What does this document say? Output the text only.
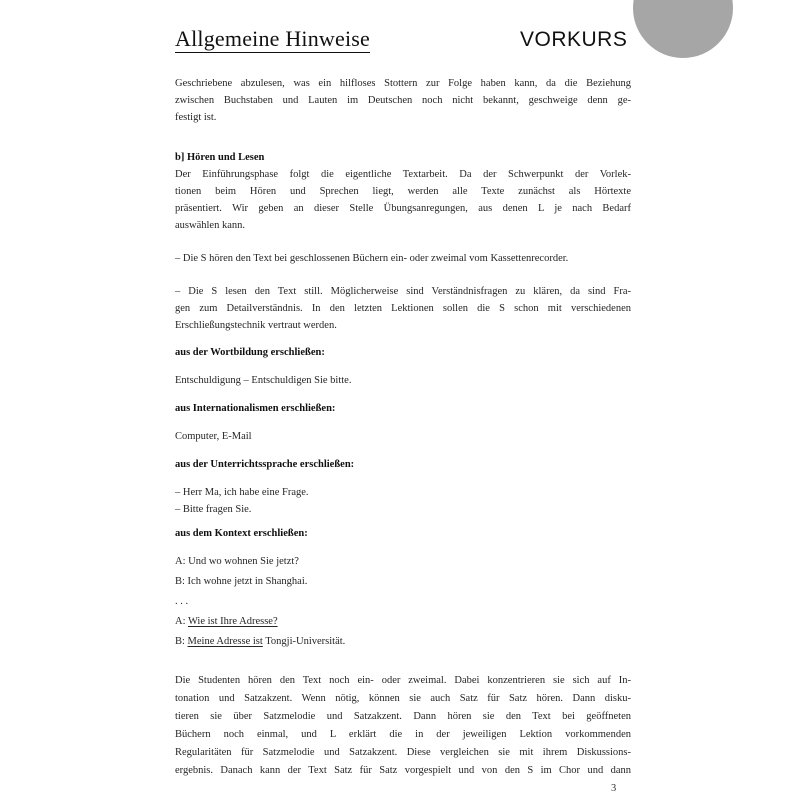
Allgemeine Hinweise	VORKURS

Geschriebene abzulesen, was ein hilfloses Stottern zur Folge haben kann, da die Beziehung
zwischen Buchstaben und Lauten im Deutschen noch nicht bekannt, geschweige denn ge-
festigt ist.

b] Hören und Lesen

Der Einführungsphase folgt die eigentliche Textarbeit. Da der Schwerpunkt der Vorlek-
tionen beim Hören und Sprechen liegt, werden alle Texte zunächst als Hörtexte
präsentiert. Wir geben an dieser Stelle Übungsanregungen, aus denen L je nach Bedarf
auswählen kann.

– Die S hören den Text bei geschlossenen Büchern ein- oder zweimal vom Kassettenrecorder.

– Die S lesen den Text still. Möglicherweise sind Verständnisfragen zu klären, da sind Fra-
gen zum Detailverständnis. In den letzten Lektionen sollen die S schon mit verschiedenen
Erschließungstechnik vertraut werden.

aus der Wortbildung erschließen:

Entschuldigung – Entschuldigen Sie bitte.

aus Internationalismen erschließen:

Computer, E-Mail

aus der Unterrichtssprache erschließen:

– Herr Ma, ich habe eine Frage.
– Bitte fragen Sie.

aus dem Kontext erschließen:

A: Und wo wohnen Sie jetzt?
B: Ich wohne jetzt in Shanghai.
. . .
A: Wie ist Ihre Adresse?
B: Meine Adresse ist Tongji-Universität.

Die Studenten hören den Text noch ein- oder zweimal. Dabei konzentrieren sie sich auf In-
tonation und Satzakzent. Wenn nötig, können sie auch Satz für Satz hören. Dann disku-
tieren sie über Satzmelodie und Satzakzent. Dann hören sie den Text bei geöffneten
Büchern noch einmal, und L erklärt die in der jeweiligen Lektion vorkommenden
Regularitäten für Satzmelodie und Satzakzent. Diese vergleichen sie mit ihrem Diskussions-
ergebnis. Danach kann der Text Satz für Satz vorgespielt und von den S im Chor und dann

3
